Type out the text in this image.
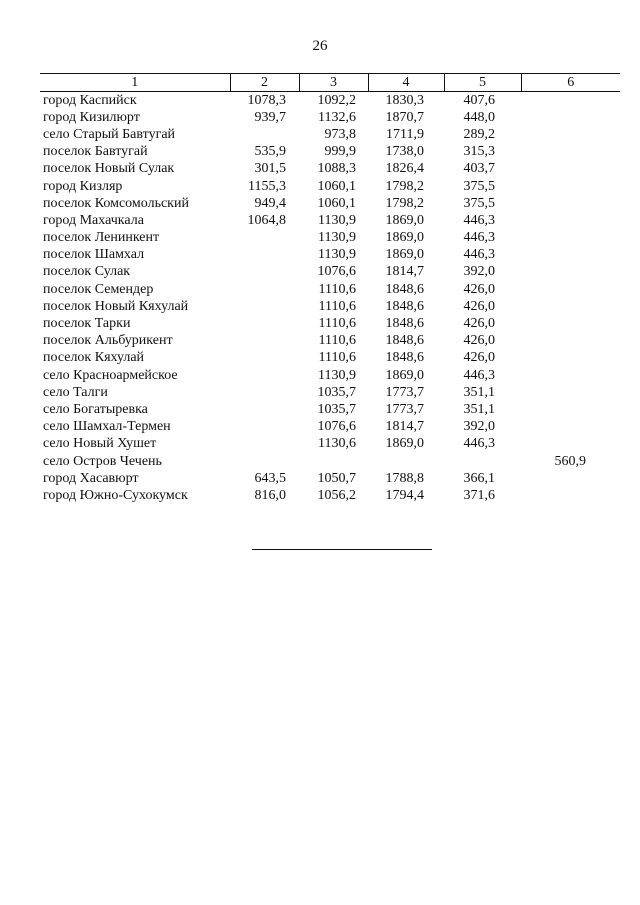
26
1	2	3	4	5	6
город Каспийск	1078,3	1092,2	1830,3	407,6	
город Кизилюрт	939,7	1132,6	1870,7	448,0	
село Старый Бавтугай		973,8	1711,9	289,2	
поселок Бавтугай	535,9	999,9	1738,0	315,3	
поселок Новый Сулак	301,5	1088,3	1826,4	403,7	
город Кизляр	1155,3	1060,1	1798,2	375,5	
поселок Комсомольский	949,4	1060,1	1798,2	375,5	
город Махачкала	1064,8	1130,9	1869,0	446,3	
поселок Ленинкент		1130,9	1869,0	446,3	
поселок Шамхал		1130,9	1869,0	446,3	
поселок Сулак		1076,6	1814,7	392,0	
поселок Семендер		1110,6	1848,6	426,0	
поселок Новый Кяхулай		1110,6	1848,6	426,0	
поселок Тарки		1110,6	1848,6	426,0	
поселок Альбурикент		1110,6	1848,6	426,0	
поселок Кяхулай		1110,6	1848,6	426,0	
село Красноармейское		1130,9	1869,0	446,3	
село Талги		1035,7	1773,7	351,1	
село Богатыревка		1035,7	1773,7	351,1	
село Шамхал-Термен		1076,6	1814,7	392,0	
село Новый Хушет		1130,6	1869,0	446,3	
село Остров Чечень					560,9
город Хасавюрт	643,5	1050,7	1788,8	366,1	
город Южно-Сухокумск	816,0	1056,2	1794,4	371,6	
